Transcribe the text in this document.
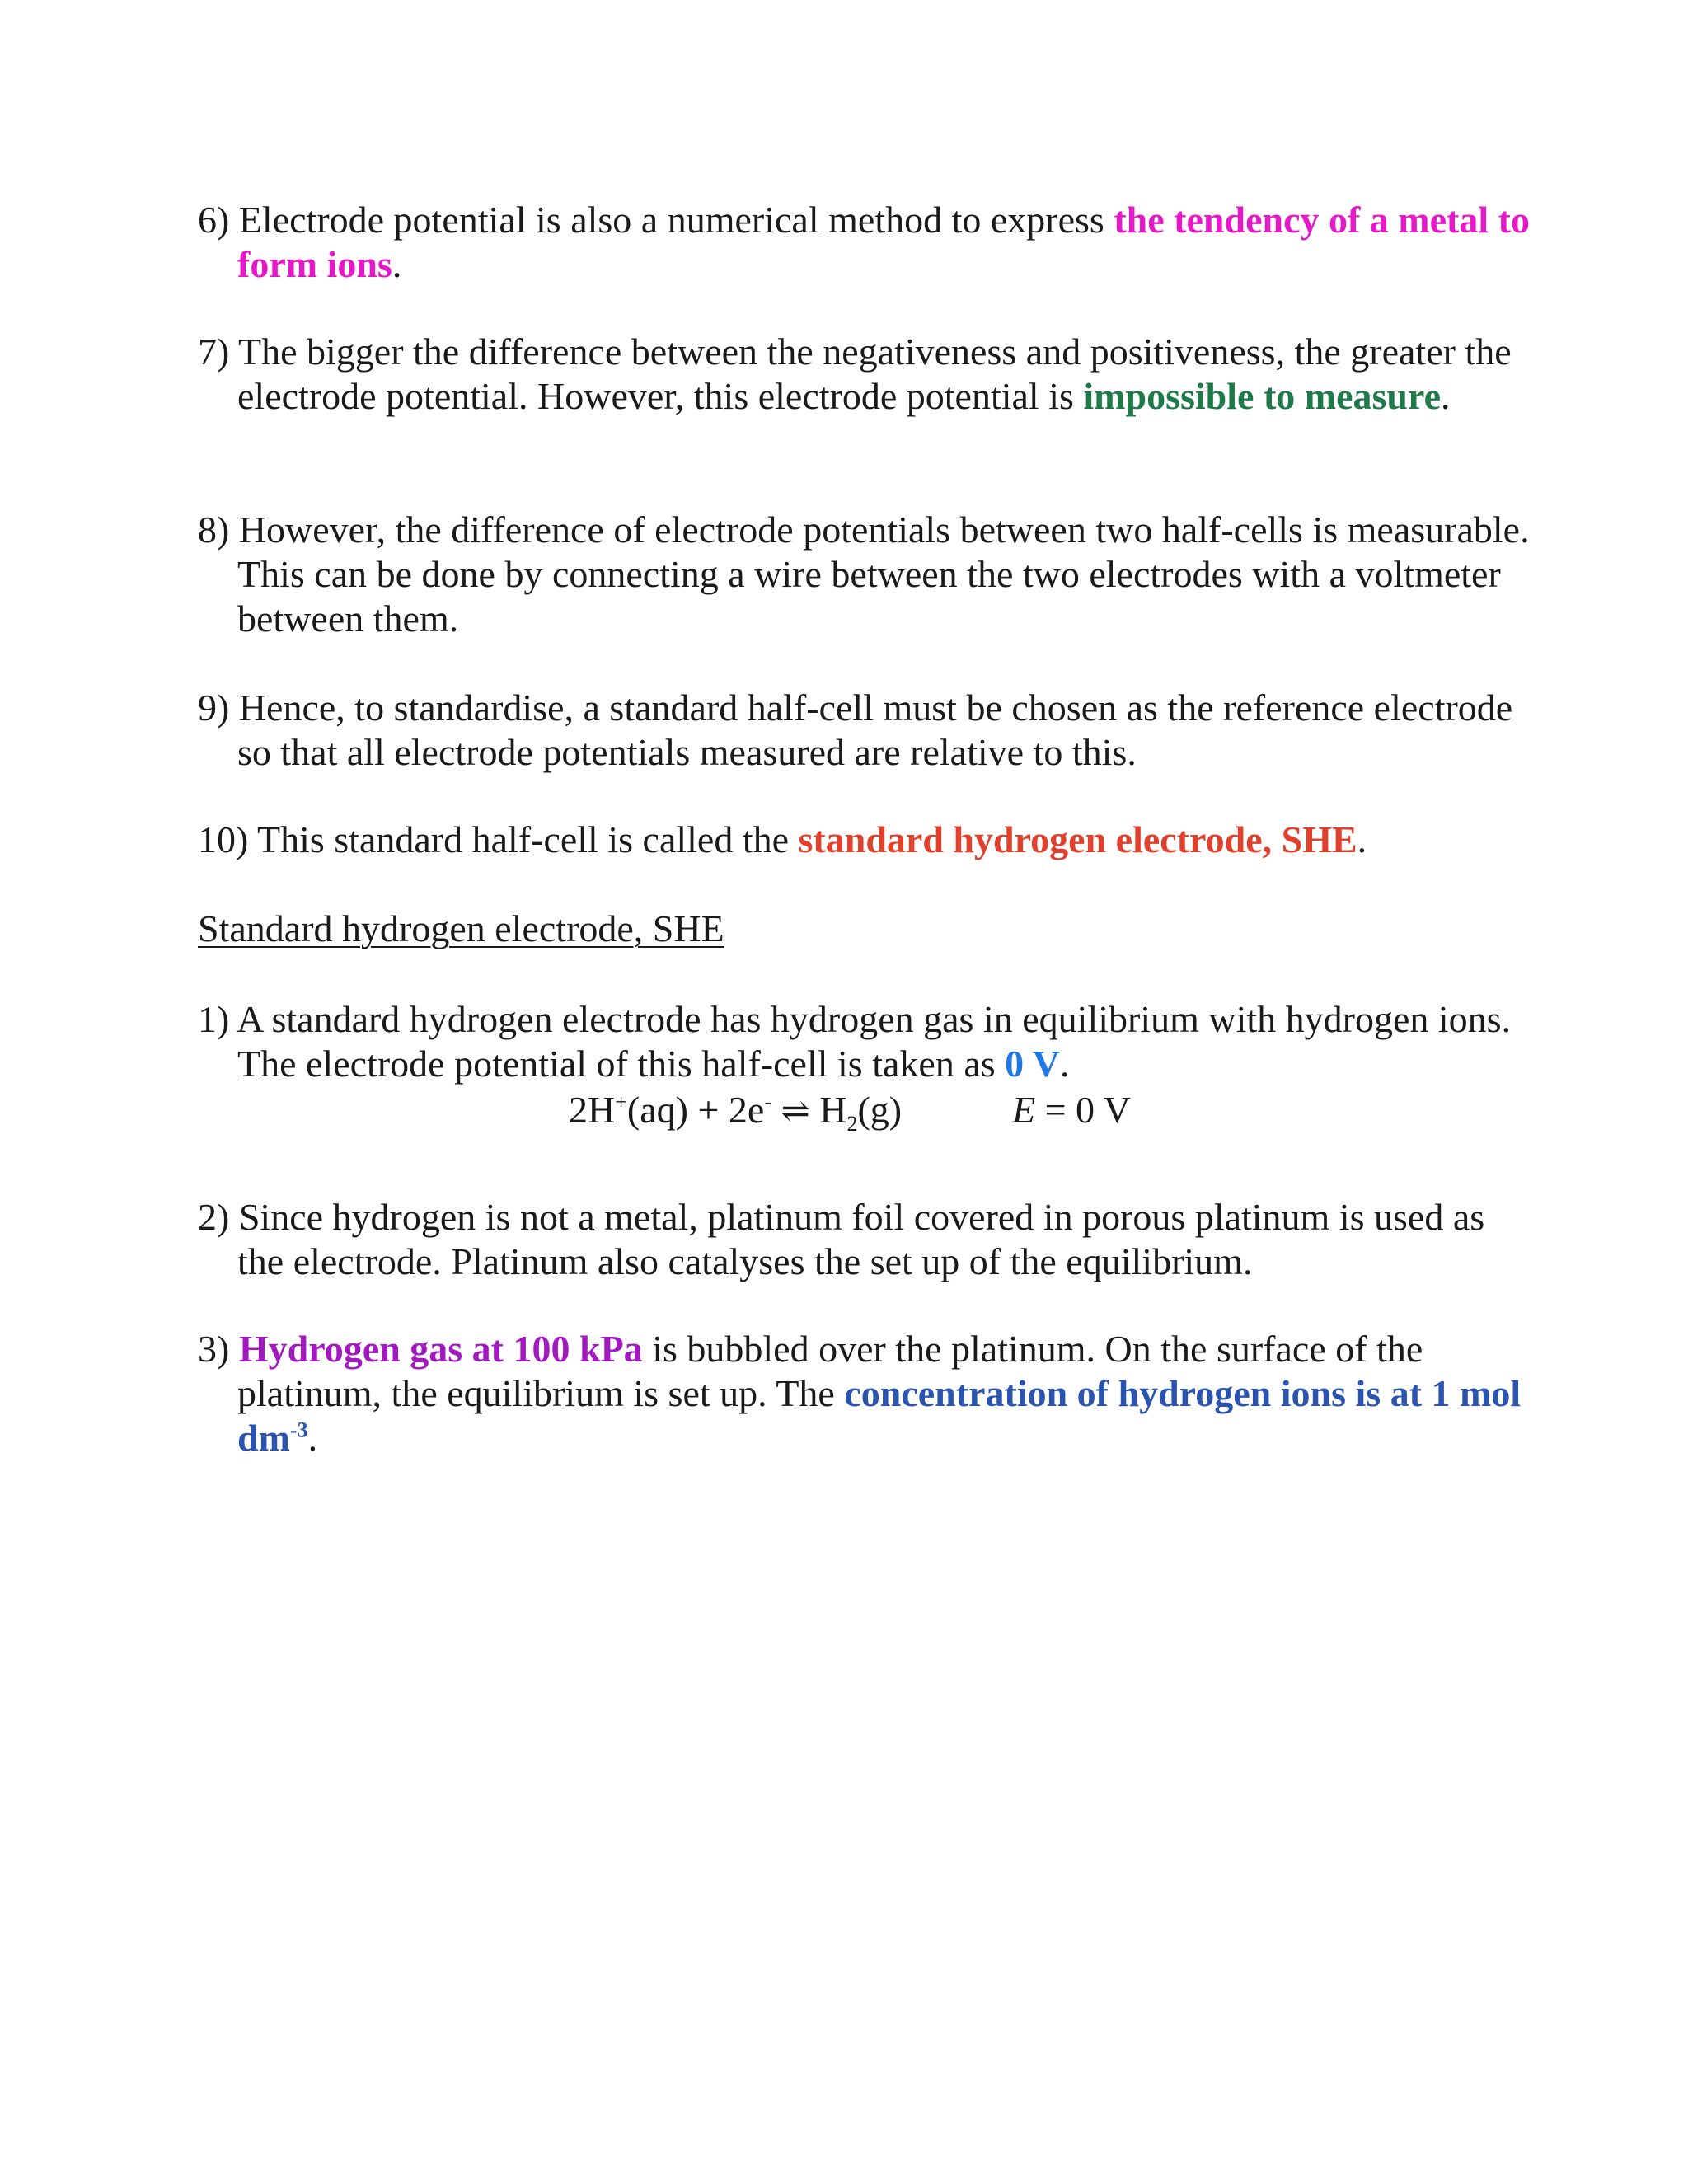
6) Electrode potential is also a numerical method to express the tendency of a metal to form ions.
7) The bigger the difference between the negativeness and positiveness, the greater the electrode potential. However, this electrode potential is impossible to measure.
8) However, the difference of electrode potentials between two half-cells is measurable. This can be done by connecting a wire between the two electrodes with a voltmeter between them.
9) Hence, to standardise, a standard half-cell must be chosen as the reference electrode so that all electrode potentials measured are relative to this.
10) This standard half-cell is called the standard hydrogen electrode, SHE.
Standard hydrogen electrode, SHE
1) A standard hydrogen electrode has hydrogen gas in equilibrium with hydrogen ions. The electrode potential of this half-cell is taken as 0 V.
2H+(aq) + 2e- ⇌ $H_2(g)$	E = 0 V
2) Since hydrogen is not a metal, platinum foil covered in porous platinum is used as the electrode. Platinum also catalyses the set up of the equilibrium.
3) Hydrogen gas at 100 kPa is bubbled over the platinum. On the surface of the platinum, the equilibrium is set up. The concentration of hydrogen ions is at 1 mol $dm^{-3}$.
